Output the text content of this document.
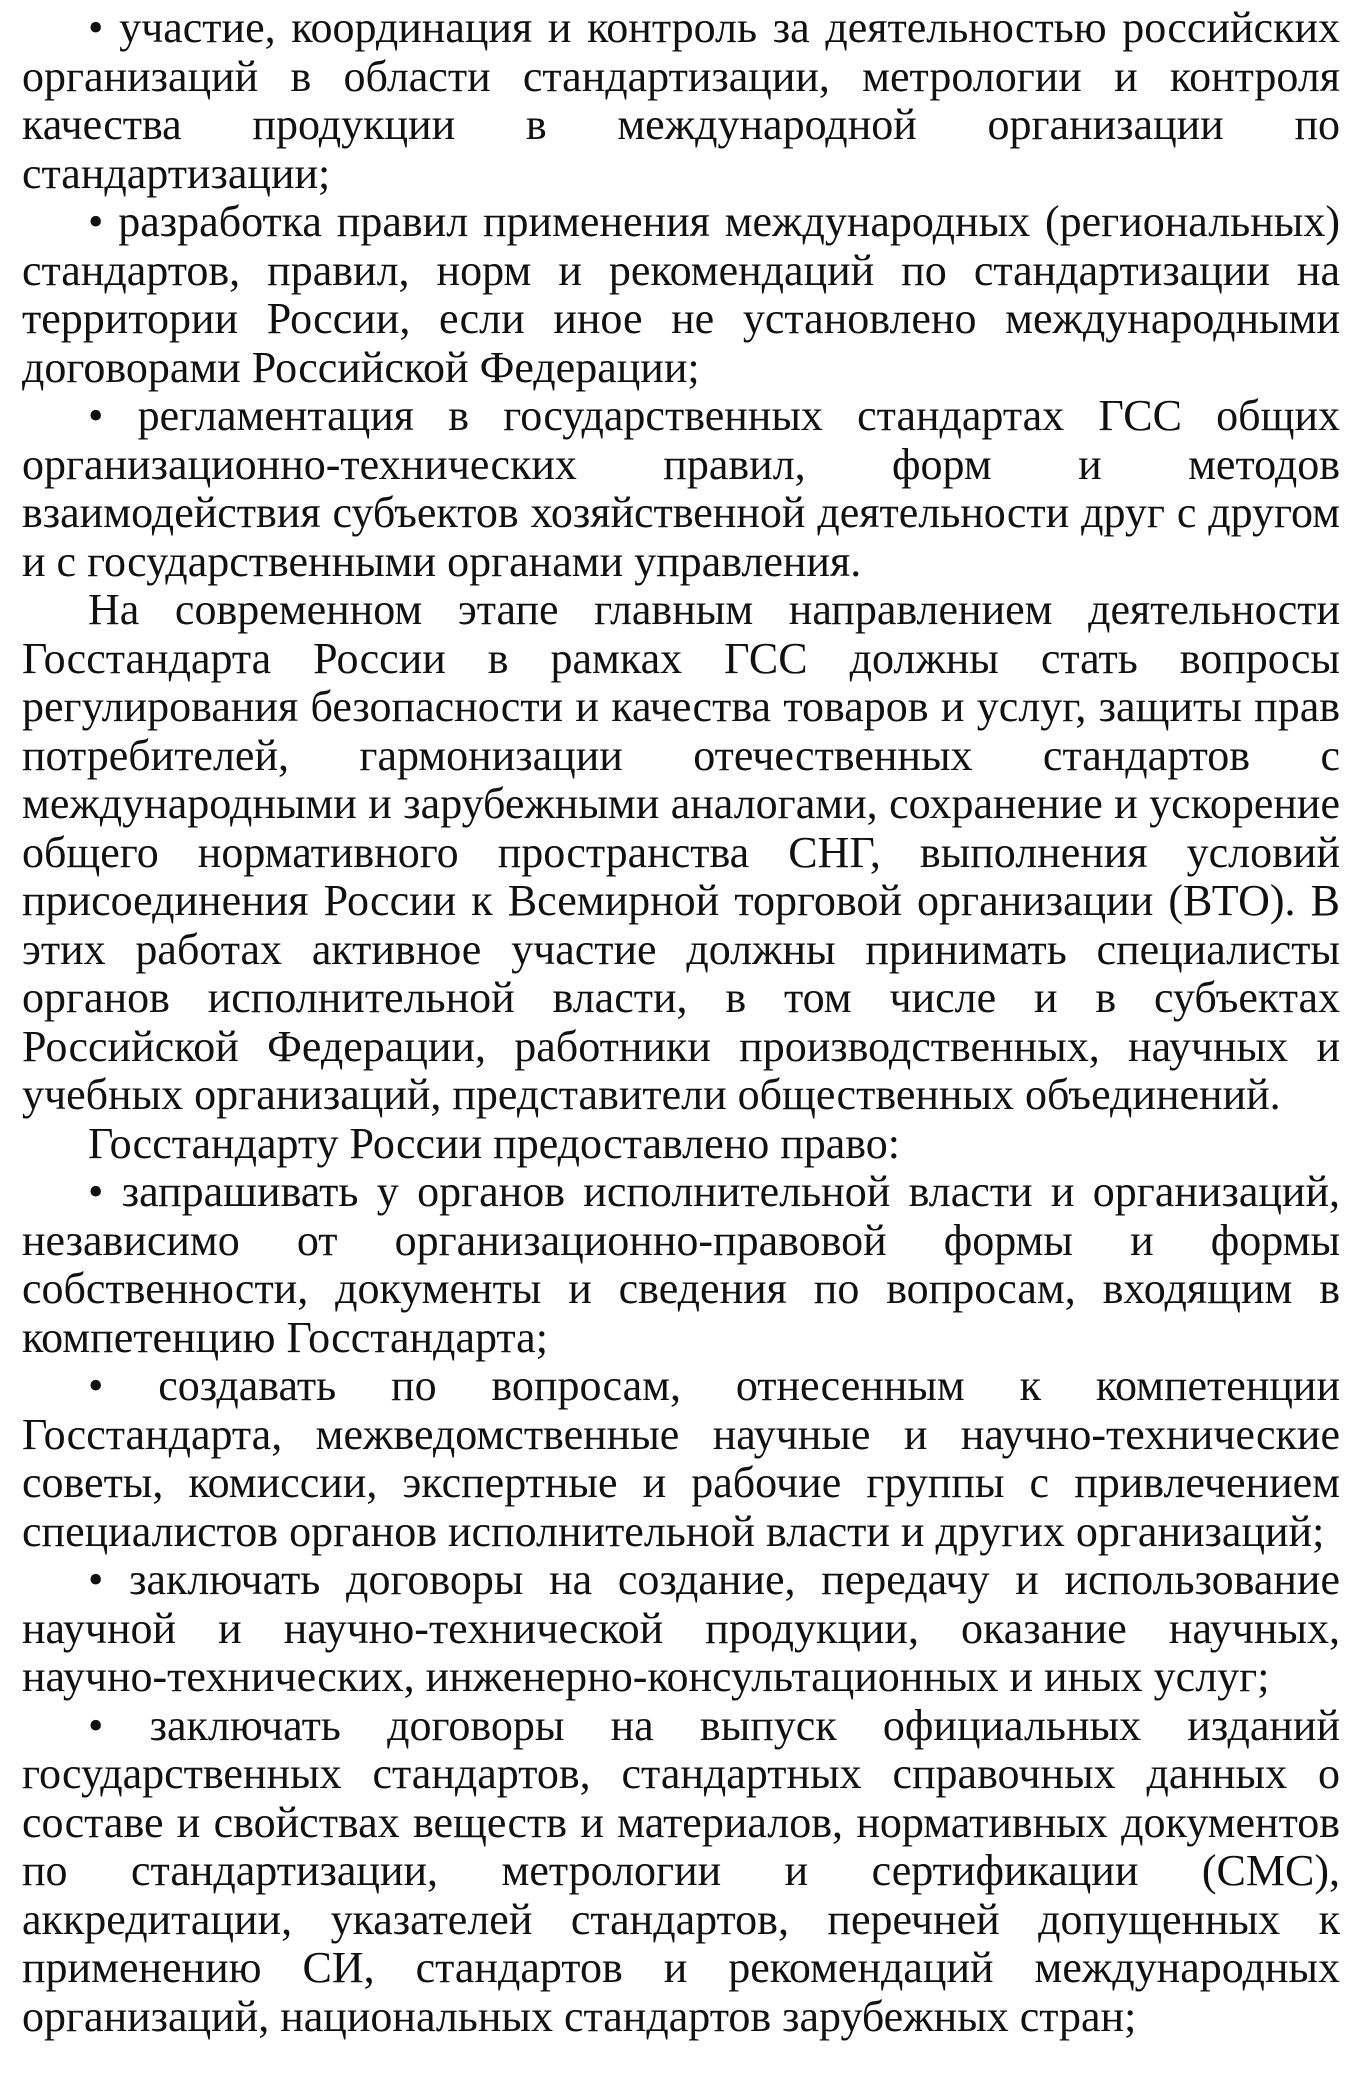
• участие, координация и контроль за деятельностью российских организаций в области стандартизации, метрологии и контроля качества продукции в международной организации по стандартизации;

• разработка правил применения международных (региональных) стандартов, правил, норм и рекомендаций по стандартизации на территории России, если иное не установлено международными договорами Российской Федерации;

• регламентация в государственных стандартах ГСС общих организационно-технических правил, форм и методов взаимодействия субъектов хозяйственной деятельности друг с другом и с государственными органами управления.

На современном этапе главным направлением деятельности Госстандарта России в рамках ГСС должны стать вопросы регулирования безопасности и качества товаров и услуг, защиты прав потребителей, гармонизации отечественных стандартов с международными и зарубежными аналогами, сохранение и ускорение общего нормативного пространства СНГ, выполнения условий присоединения России к Всемирной торговой организации (ВТО). В этих работах активное участие должны принимать специалисты органов исполнительной власти, в том числе и в субъектах Российской Федерации, работники производственных, научных и учебных организаций, представители общественных объединений.

Госстандарту России предоставлено право:

• запрашивать у органов исполнительной власти и организаций, независимо от организационно-правовой формы и формы собственности, документы и сведения по вопросам, входящим в компетенцию Госстандарта;

• создавать по вопросам, отнесенным к компетенции Госстандарта, межведомственные научные и научно-технические советы, комиссии, экспертные и рабочие группы с привлечением специалистов органов исполнительной власти и других организаций;

• заключать договоры на создание, передачу и использование научной и научно-технической продукции, оказание научных, научно-технических, инженерно-консультационных и иных услуг;

• заключать договоры на выпуск официальных изданий государственных стандартов, стандартных справочных данных о составе и свойствах веществ и материалов, нормативных документов по стандартизации, метрологии и сертификации (СМС), аккредитации, указателей стандартов, перечней допущенных к применению СИ, стандартов и рекомендаций международных организаций, национальных стандартов зарубежных стран;
